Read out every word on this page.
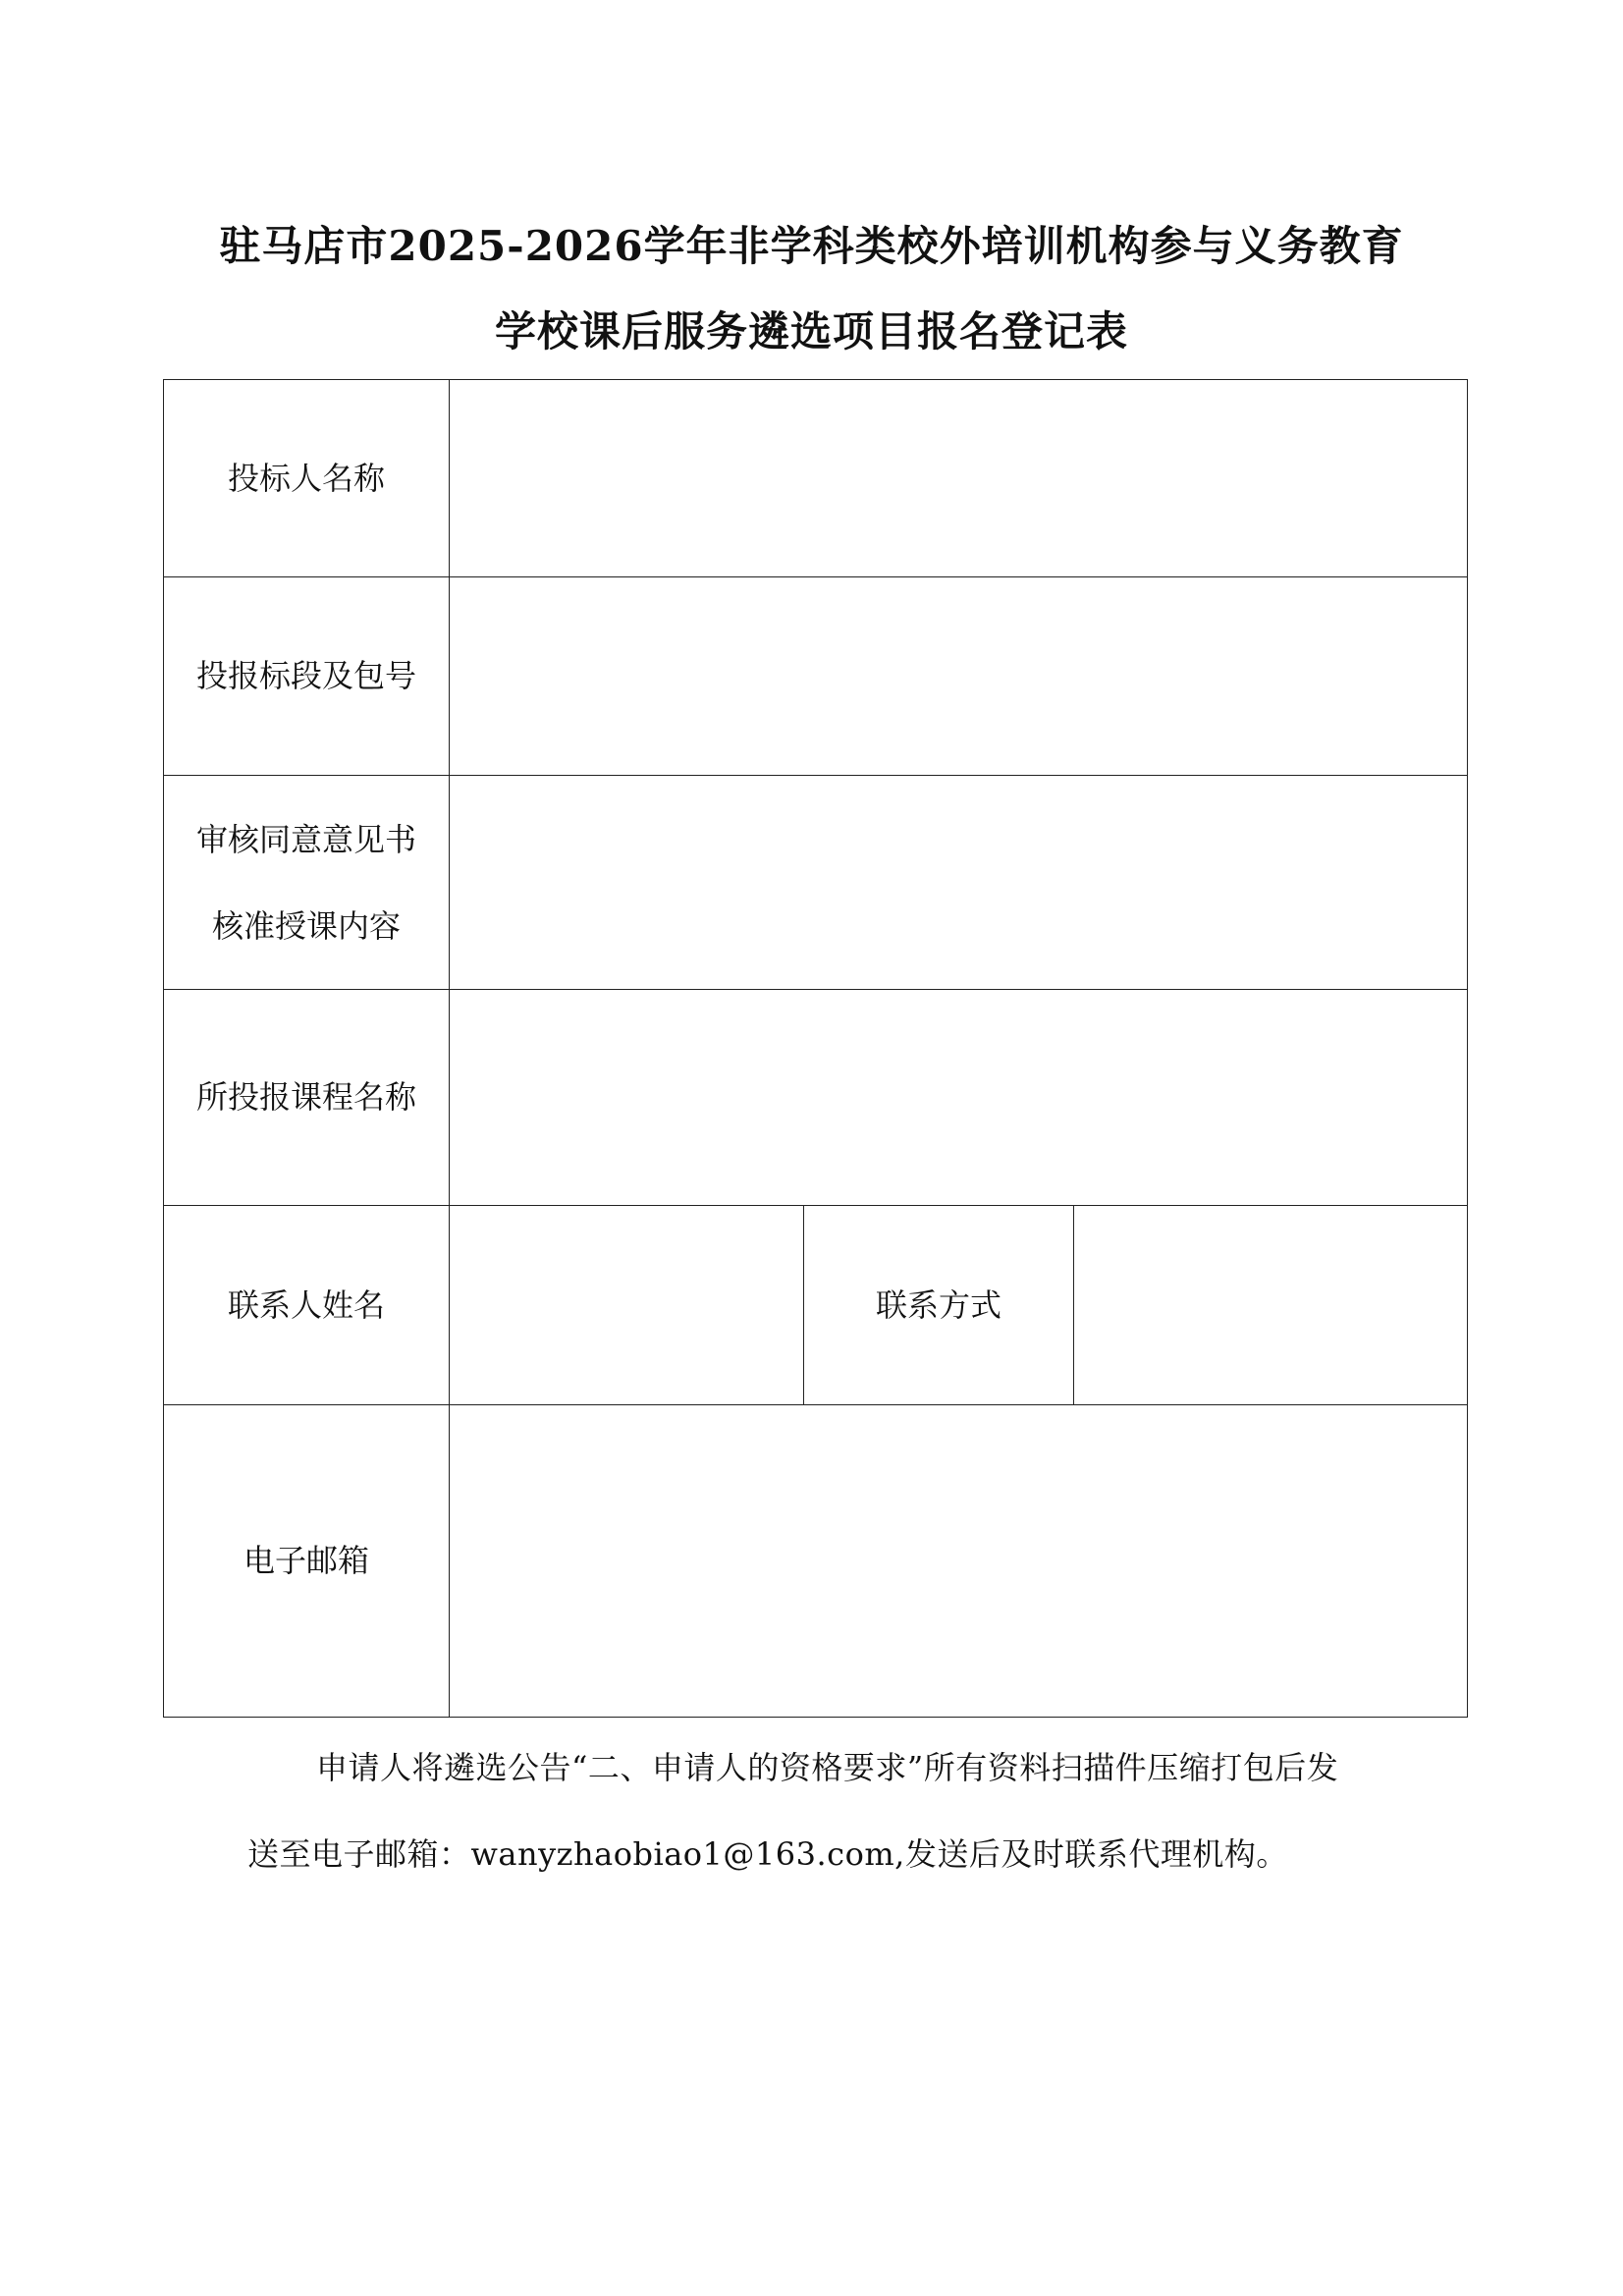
驻马店市2025-2026学年非学科类校外培训机构参与义务教育
学校课后服务遴选项目报名登记表
投标人名称			

投报标段及包号			

审核同意意见书
核准授课内容			

所投报课程名称			

联系人姓名		联系方式	

电子邮箱			

申请人将遴选公告“二、申请人的资格要求”所有资料扫描件压缩打包后发
送至电子邮箱：wanyzhaobiao1@163.com,发送后及时联系代理机构。
